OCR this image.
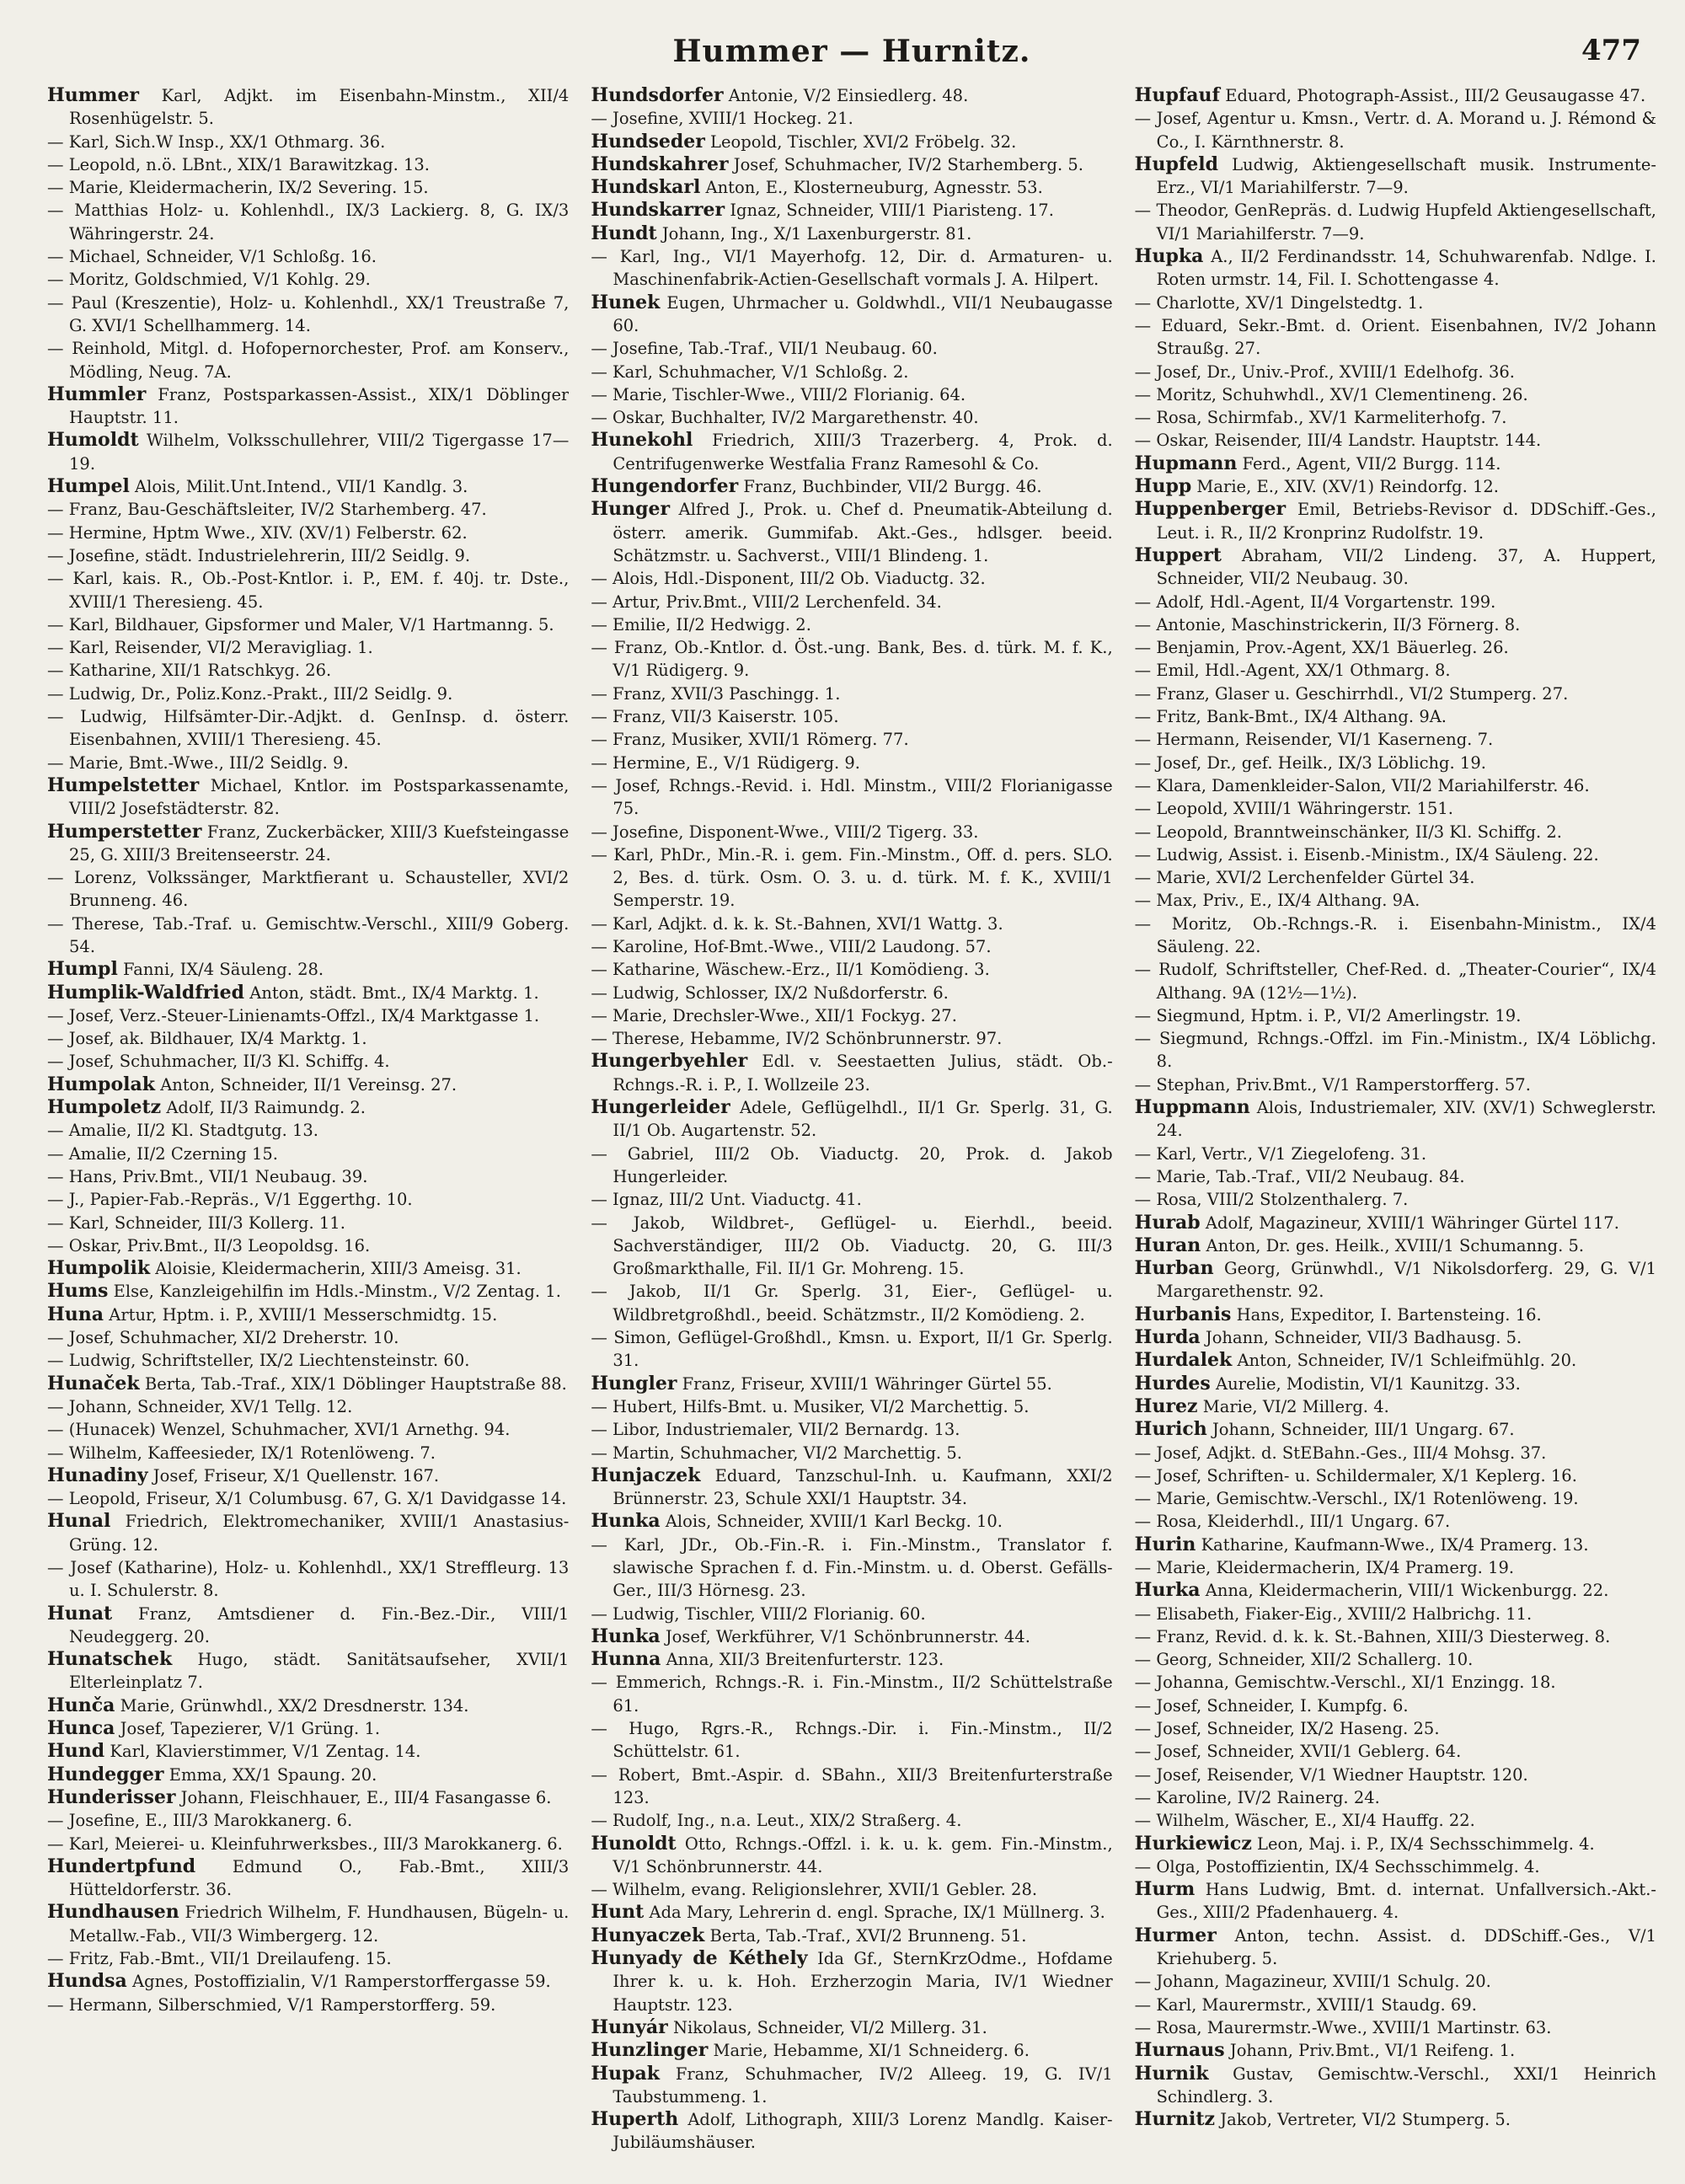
Hummer — Hurnitz.	477

Hummer Karl, Adjkt. im Eisenbahn-Minstm., XII/4 Rosenhügelstr. 5.

— Karl, Sich.W Insp., XX/1 Othmarg. 36.

— Leopold, n.ö. LBnt., XIX/1 Barawitzkag. 13.

— Marie, Kleidermacherin, IX/2 Severing. 15.

— Matthias Holz- u. Kohlenhdl., IX/3 Lackierg. 8, G. IX/3 Währingerstr. 24.

— Michael, Schneider, V/1 Schloßg. 16.

— Moritz, Goldschmied, V/1 Kohlg. 29.

— Paul (Kreszentie), Holz- u. Kohlenhdl., XX/1 Treustraße 7, G. XVI/1 Schellhammerg. 14.

— Reinhold, Mitgl. d. Hofopernorchester, Prof. am Konserv., Mödling, Neug. 7A.

Hummler Franz, Postsparkassen-Assist., XIX/1 Döblinger Hauptstr. 11.

Humoldt Wilhelm, Volksschullehrer, VIII/2 Tigergasse 17—19.

Humpel Alois, Milit.Unt.Intend., VII/1 Kandlg. 3.

— Franz, Bau-Geschäftsleiter, IV/2 Starhemberg. 47.

— Hermine, Hptm Wwe., XIV. (XV/1) Felberstr. 62.

— Josefine, städt. Industrielehrerin, III/2 Seidlg. 9.

— Karl, kais. R., Ob.-Post-Kntlor. i. P., EM. f. 40j. tr. Dste., XVIII/1 Theresieng. 45.

— Karl, Bildhauer, Gipsformer und Maler, V/1 Hartmanng. 5.

— Karl, Reisender, VI/2 Meravigliag. 1.

— Katharine, XII/1 Ratschkyg. 26.

— Ludwig, Dr., Poliz.Konz.-Prakt., III/2 Seidlg. 9.

— Ludwig, Hilfsämter-Dir.-Adjkt. d. GenInsp. d. österr. Eisenbahnen, XVIII/1 Theresieng. 45.

— Marie, Bmt.-Wwe., III/2 Seidlg. 9.

Humpelstetter Michael, Kntlor. im Postsparkassenamte, VIII/2 Josefstädterstr. 82.

Humperstetter Franz, Zuckerbäcker, XIII/3 Kuefsteingasse 25, G. XIII/3 Breitenseerstr. 24.

— Lorenz, Volkssänger, Marktfierant u. Schausteller, XVI/2 Brunneng. 46.

— Therese, Tab.-Traf. u. Gemischtw.-Verschl., XIII/9 Goberg. 54.

Humpl Fanni, IX/4 Säuleng. 28.

Humplik-Waldfried Anton, städt. Bmt., IX/4 Marktg. 1.

— Josef, Verz.-Steuer-Linienamts-Offzl., IX/4 Marktgasse 1.

— Josef, ak. Bildhauer, IX/4 Marktg. 1.

— Josef, Schuhmacher, II/3 Kl. Schiffg. 4.

Humpolak Anton, Schneider, II/1 Vereinsg. 27.

Humpoletz Adolf, II/3 Raimundg. 2.

— Amalie, II/2 Kl. Stadtgutg. 13.

— Amalie, II/2 Czerning 15.

— Hans, Priv.Bmt., VII/1 Neubaug. 39.

— J., Papier-Fab.-Repräs., V/1 Eggerthg. 10.

— Karl, Schneider, III/3 Kollerg. 11.

— Oskar, Priv.Bmt., II/3 Leopoldsg. 16.

Humpolik Aloisie, Kleidermacherin, XIII/3 Ameisg. 31.

Hums Else, Kanzleigehilfin im Hdls.-Minstm., V/2 Zentag. 1.

Huna Artur, Hptm. i. P., XVIII/1 Messerschmidtg. 15.

— Josef, Schuhmacher, XI/2 Dreherstr. 10.

— Ludwig, Schriftsteller, IX/2 Liechtensteinstr. 60.

Hunaček Berta, Tab.-Traf., XIX/1 Döblinger Hauptstraße 88.

— Johann, Schneider, XV/1 Tellg. 12.

— (Hunacek) Wenzel, Schuhmacher, XVI/1 Arnethg. 94.

— Wilhelm, Kaffeesieder, IX/1 Rotenlöweng. 7.

Hunadiny Josef, Friseur, X/1 Quellenstr. 167.

— Leopold, Friseur, X/1 Columbusg. 67, G. X/1 Davidgasse 14.

Hunal Friedrich, Elektromechaniker, XVIII/1 Anastasius-Grüng. 12.

— Josef (Katharine), Holz- u. Kohlenhdl., XX/1 Streffleurg. 13 u. I. Schulerstr. 8.

Hunat Franz, Amtsdiener d. Fin.-Bez.-Dir., VIII/1 Neudeggerg. 20.

Hunatschek Hugo, städt. Sanitätsaufseher, XVII/1 Elterleinplatz 7.

Hunča Marie, Grünwhdl., XX/2 Dresdnerstr. 134.

Hunca Josef, Tapezierer, V/1 Grüng. 1.

Hund Karl, Klavierstimmer, V/1 Zentag. 14.

Hundegger Emma, XX/1 Spaung. 20.

Hunderisser Johann, Fleischhauer, E., III/4 Fasangasse 6.

— Josefine, E., III/3 Marokkanerg. 6.

— Karl, Meierei- u. Kleinfuhrwerksbes., III/3 Marokkanerg. 6.

Hundertpfund Edmund O., Fab.-Bmt., XIII/3 Hütteldorferstr. 36.

Hundhausen Friedrich Wilhelm, F. Hundhausen, Bügeln- u. Metallw.-Fab., VII/3 Wimbergerg. 12.

— Fritz, Fab.-Bmt., VII/1 Dreilaufeng. 15.

Hundsa Agnes, Postoffizialin, V/1 Ramperstorffergasse 59.

— Hermann, Silberschmied, V/1 Ramperstorfferg. 59.

Hundsdorfer Antonie, V/2 Einsiedlerg. 48.

— Josefine, XVIII/1 Hockeg. 21.

Hundseder Leopold, Tischler, XVI/2 Fröbelg. 32.

Hundskahrer Josef, Schuhmacher, IV/2 Starhemberg. 5.

Hundskarl Anton, E., Klosterneuburg, Agnesstr. 53.

Hundskarrer Ignaz, Schneider, VIII/1 Piaristeng. 17.

Hundt Johann, Ing., X/1 Laxenburgerstr. 81.

— Karl, Ing., VI/1 Mayerhofg. 12, Dir. d. Armaturen- u. Maschinenfabrik-Actien-Gesellschaft vormals J. A. Hilpert.

Hunek Eugen, Uhrmacher u. Goldwhdl., VII/1 Neubaugasse 60.

— Josefine, Tab.-Traf., VII/1 Neubaug. 60.

— Karl, Schuhmacher, V/1 Schloßg. 2.

— Marie, Tischler-Wwe., VIII/2 Florianig. 64.

— Oskar, Buchhalter, IV/2 Margarethenstr. 40.

Hunekohl Friedrich, XIII/3 Trazerberg. 4, Prok. d. Centrifugenwerke Westfalia Franz Ramesohl & Co.

Hungendorfer Franz, Buchbinder, VII/2 Burgg. 46.

Hunger Alfred J., Prok. u. Chef d. Pneumatik-Abteilung d. österr. amerik. Gummifab. Akt.-Ges., hdlsger. beeid. Schätzmstr. u. Sachverst., VIII/1 Blindeng. 1.

— Alois, Hdl.-Disponent, III/2 Ob. Viaductg. 32.

— Artur, Priv.Bmt., VIII/2 Lerchenfeld. 34.

— Emilie, II/2 Hedwigg. 2.

— Franz, Ob.-Kntlor. d. Öst.-ung. Bank, Bes. d. türk. M. f. K., V/1 Rüdigerg. 9.

— Franz, XVII/3 Paschingg. 1.

— Franz, VII/3 Kaiserstr. 105.

— Franz, Musiker, XVII/1 Römerg. 77.

— Hermine, E., V/1 Rüdigerg. 9.

— Josef, Rchngs.-Revid. i. Hdl. Minstm., VIII/2 Florianigasse 75.

— Josefine, Disponent-Wwe., VIII/2 Tigerg. 33.

— Karl, PhDr., Min.-R. i. gem. Fin.-Minstm., Off. d. pers. SLO. 2, Bes. d. türk. Osm. O. 3. u. d. türk. M. f. K., XVIII/1 Semperstr. 19.

— Karl, Adjkt. d. k. k. St.-Bahnen, XVI/1 Wattg. 3.

— Karoline, Hof-Bmt.-Wwe., VIII/2 Laudong. 57.

— Katharine, Wäschew.-Erz., II/1 Komödieng. 3.

— Ludwig, Schlosser, IX/2 Nußdorferstr. 6.

— Marie, Drechsler-Wwe., XII/1 Fockyg. 27.

— Therese, Hebamme, IV/2 Schönbrunnerstr. 97.

Hungerbyehler Edl. v. Seestaetten Julius, städt. Ob.-Rchngs.-R. i. P., I. Wollzeile 23.

Hungerleider Adele, Geflügelhdl., II/1 Gr. Sperlg. 31, G. II/1 Ob. Augartenstr. 52.

— Gabriel, III/2 Ob. Viaductg. 20, Prok. d. Jakob Hungerleider.

— Ignaz, III/2 Unt. Viaductg. 41.

— Jakob, Wildbret-, Geflügel- u. Eierhdl., beeid. Sachverständiger, III/2 Ob. Viaductg. 20, G. III/3 Großmarkthalle, Fil. II/1 Gr. Mohreng. 15.

— Jakob, II/1 Gr. Sperlg. 31, Eier-, Geflügel- u. Wildbretgroßhdl., beeid. Schätzmstr., II/2 Komödieng. 2.

— Simon, Geflügel-Großhdl., Kmsn. u. Export, II/1 Gr. Sperlg. 31.

Hungler Franz, Friseur, XVIII/1 Währinger Gürtel 55.

— Hubert, Hilfs-Bmt. u. Musiker, VI/2 Marchettig. 5.

— Libor, Industriemaler, VII/2 Bernardg. 13.

— Martin, Schuhmacher, VI/2 Marchettig. 5.

Hunjaczek Eduard, Tanzschul-Inh. u. Kaufmann, XXI/2 Brünnerstr. 23, Schule XXI/1 Hauptstr. 34.

Hunka Alois, Schneider, XVIII/1 Karl Beckg. 10.

— Karl, JDr., Ob.-Fin.-R. i. Fin.-Minstm., Translator f. slawische Sprachen f. d. Fin.-Minstm. u. d. Oberst. Gefälls-Ger., III/3 Hörnesg. 23.

— Ludwig, Tischler, VIII/2 Florianig. 60.

Hunka Josef, Werkführer, V/1 Schönbrunnerstr. 44.

Hunna Anna, XII/3 Breitenfurterstr. 123.

— Emmerich, Rchngs.-R. i. Fin.-Minstm., II/2 Schüttelstraße 61.

— Hugo, Rgrs.-R., Rchngs.-Dir. i. Fin.-Minstm., II/2 Schüttelstr. 61.

— Robert, Bmt.-Aspir. d. SBahn., XII/3 Breitenfurterstraße 123.

— Rudolf, Ing., n.a. Leut., XIX/2 Straßerg. 4.

Hunoldt Otto, Rchngs.-Offzl. i. k. u. k. gem. Fin.-Minstm., V/1 Schönbrunnerstr. 44.

— Wilhelm, evang. Religionslehrer, XVII/1 Gebler. 28.

Hunt Ada Mary, Lehrerin d. engl. Sprache, IX/1 Müllnerg. 3.

Hunyaczek Berta, Tab.-Traf., XVI/2 Brunneng. 51.

Hunyady de Kéthely Ida Gf., SternKrzOdme., Hofdame Ihrer k. u. k. Hoh. Erzherzogin Maria, IV/1 Wiedner Hauptstr. 123.

Hunyár Nikolaus, Schneider, VI/2 Millerg. 31.

Hunzlinger Marie, Hebamme, XI/1 Schneiderg. 6.

Hupak Franz, Schuhmacher, IV/2 Alleeg. 19, G. IV/1 Taubstummeng. 1.

Huperth Adolf, Lithograph, XIII/3 Lorenz Mandlg. Kaiser-Jubiläumshäuser.

Hupfauf Eduard, Photograph-Assist., III/2 Geusaugasse 47.

— Josef, Agentur u. Kmsn., Vertr. d. A. Morand u. J. Rémond & Co., I. Kärnthnerstr. 8.

Hupfeld Ludwig, Aktiengesellschaft musik. Instrumente-Erz., VI/1 Mariahilferstr. 7—9.

— Theodor, GenRepräs. d. Ludwig Hupfeld Aktiengesellschaft, VI/1 Mariahilferstr. 7—9.

Hupka A., II/2 Ferdinandsstr. 14, Schuhwarenfab. Ndlge. I. Roten urmstr. 14, Fil. I. Schottengasse 4.

— Charlotte, XV/1 Dingelstedtg. 1.

— Eduard, Sekr.-Bmt. d. Orient. Eisenbahnen, IV/2 Johann Straußg. 27.

— Josef, Dr., Univ.-Prof., XVIII/1 Edelhofg. 36.

— Moritz, Schuhwhdl., XV/1 Clementineng. 26.

— Rosa, Schirmfab., XV/1 Karmeliterhofg. 7.

— Oskar, Reisender, III/4 Landstr. Hauptstr. 144.

Hupmann Ferd., Agent, VII/2 Burgg. 114.

Hupp Marie, E., XIV. (XV/1) Reindorfg. 12.

Huppenberger Emil, Betriebs-Revisor d. DDSchiff.-Ges., Leut. i. R., II/2 Kronprinz Rudolfstr. 19.

Huppert Abraham, VII/2 Lindeng. 37, A. Huppert, Schneider, VII/2 Neubaug. 30.

— Adolf, Hdl.-Agent, II/4 Vorgartenstr. 199.

— Antonie, Maschinstrickerin, II/3 Förnerg. 8.

— Benjamin, Prov.-Agent, XX/1 Bäuerleg. 26.

— Emil, Hdl.-Agent, XX/1 Othmarg. 8.

— Franz, Glaser u. Geschirrhdl., VI/2 Stumperg. 27.

— Fritz, Bank-Bmt., IX/4 Althang. 9A.

— Hermann, Reisender, VI/1 Kaserneng. 7.

— Josef, Dr., gef. Heilk., IX/3 Löblichg. 19.

— Klara, Damenkleider-Salon, VII/2 Mariahilferstr. 46.

— Leopold, XVIII/1 Währingerstr. 151.

— Leopold, Branntweinschänker, II/3 Kl. Schiffg. 2.

— Ludwig, Assist. i. Eisenb.-Ministm., IX/4 Säuleng. 22.

— Marie, XVI/2 Lerchenfelder Gürtel 34.

— Max, Priv., E., IX/4 Althang. 9A.

— Moritz, Ob.-Rchngs.-R. i. Eisenbahn-Ministm., IX/4 Säuleng. 22.

— Rudolf, Schriftsteller, Chef-Red. d. „Theater-Courier“, IX/4 Althang. 9A (12½—1½).

— Siegmund, Hptm. i. P., VI/2 Amerlingstr. 19.

— Siegmund, Rchngs.-Offzl. im Fin.-Ministm., IX/4 Löblichg. 8.

— Stephan, Priv.Bmt., V/1 Ramperstorfferg. 57.

Huppmann Alois, Industriemaler, XIV. (XV/1) Schweglerstr. 24.

— Karl, Vertr., V/1 Ziegelofeng. 31.

— Marie, Tab.-Traf., VII/2 Neubaug. 84.

— Rosa, VIII/2 Stolzenthalerg. 7.

Hurab Adolf, Magazineur, XVIII/1 Währinger Gürtel 117.

Huran Anton, Dr. ges. Heilk., XVIII/1 Schumanng. 5.

Hurban Georg, Grünwhdl., V/1 Nikolsdorferg. 29, G. V/1 Margarethenstr. 92.

Hurbanis Hans, Expeditor, I. Bartensteing. 16.

Hurda Johann, Schneider, VII/3 Badhausg. 5.

Hurdalek Anton, Schneider, IV/1 Schleifmühlg. 20.

Hurdes Aurelie, Modistin, VI/1 Kaunitzg. 33.

Hurez Marie, VI/2 Millerg. 4.

Hurich Johann, Schneider, III/1 Ungarg. 67.

— Josef, Adjkt. d. StEBahn.-Ges., III/4 Mohsg. 37.

— Josef, Schriften- u. Schildermaler, X/1 Keplerg. 16.

— Marie, Gemischtw.-Verschl., IX/1 Rotenlöweng. 19.

— Rosa, Kleiderhdl., III/1 Ungarg. 67.

Hurin Katharine, Kaufmann-Wwe., IX/4 Pramerg. 13.

— Marie, Kleidermacherin, IX/4 Pramerg. 19.

Hurka Anna, Kleidermacherin, VIII/1 Wickenburgg. 22.

— Elisabeth, Fiaker-Eig., XVIII/2 Halbrichg. 11.

— Franz, Revid. d. k. k. St.-Bahnen, XIII/3 Diesterweg. 8.

— Georg, Schneider, XII/2 Schallerg. 10.

— Johanna, Gemischtw.-Verschl., XI/1 Enzingg. 18.

— Josef, Schneider, I. Kumpfg. 6.

— Josef, Schneider, IX/2 Haseng. 25.

— Josef, Schneider, XVII/1 Geblerg. 64.

— Josef, Reisender, V/1 Wiedner Hauptstr. 120.

— Karoline, IV/2 Rainerg. 24.

— Wilhelm, Wäscher, E., XI/4 Hauffg. 22.

Hurkiewicz Leon, Maj. i. P., IX/4 Sechsschimmelg. 4.

— Olga, Postoffizientin, IX/4 Sechsschimmelg. 4.

Hurm Hans Ludwig, Bmt. d. internat. Unfallversich.-Akt.-Ges., XIII/2 Pfadenhauerg. 4.

Hurmer Anton, techn. Assist. d. DDSchiff.-Ges., V/1 Kriehuberg. 5.

— Johann, Magazineur, XVIII/1 Schulg. 20.

— Karl, Maurermstr., XVIII/1 Staudg. 69.

— Rosa, Maurermstr.-Wwe., XVIII/1 Martinstr. 63.

Hurnaus Johann, Priv.Bmt., VI/1 Reifeng. 1.

Hurnik Gustav, Gemischtw.-Verschl., XXI/1 Heinrich Schindlerg. 3.

Hurnitz Jakob, Vertreter, VI/2 Stumperg. 5.
